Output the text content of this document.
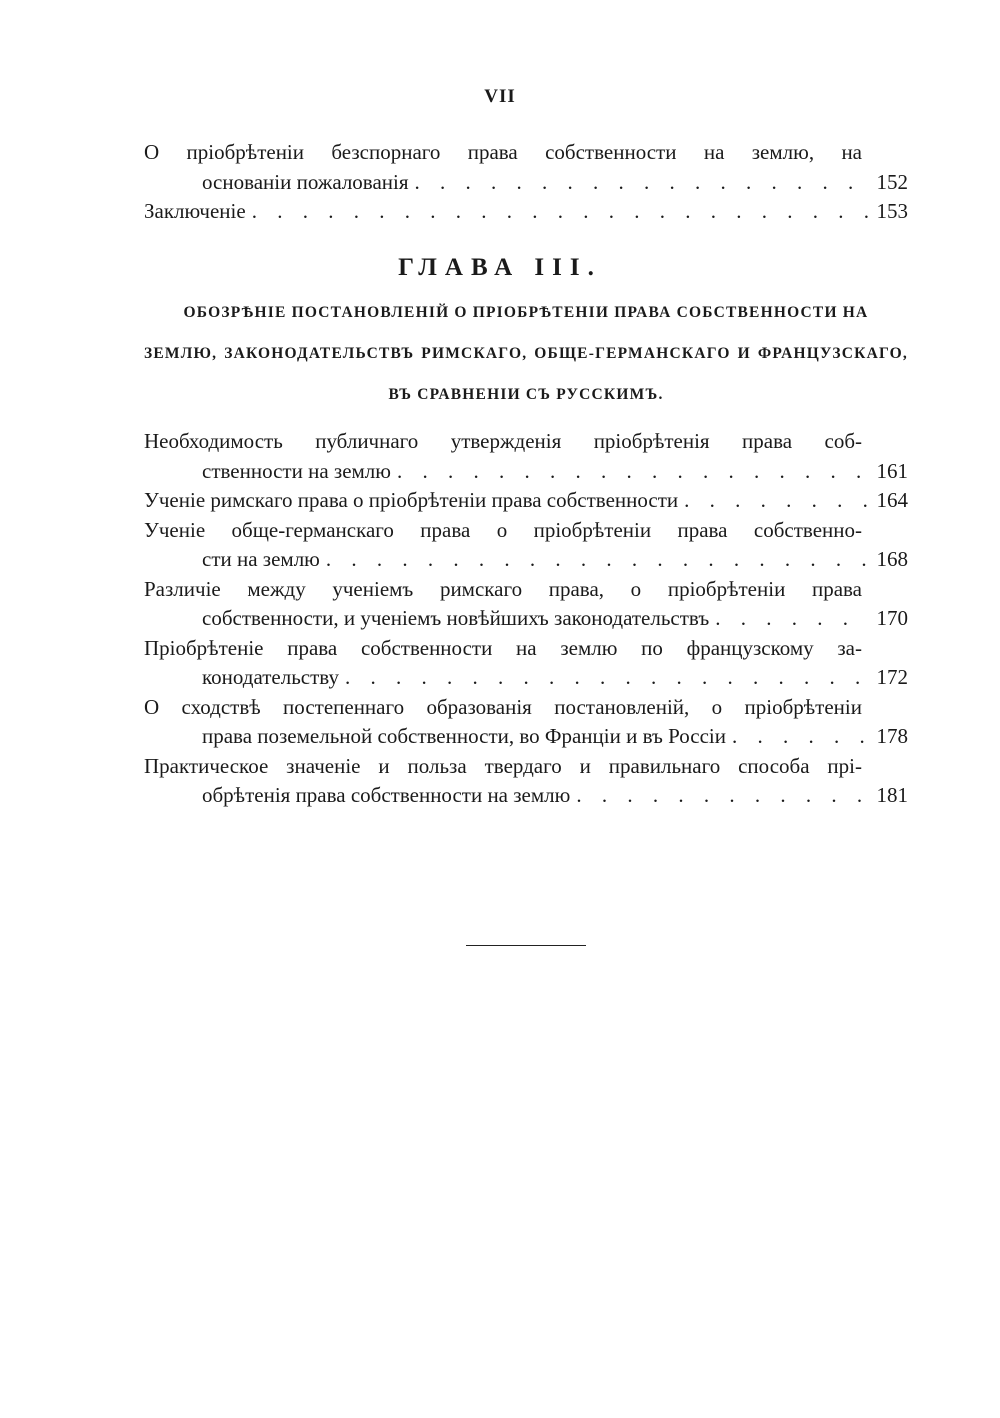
VII
О пріобрѣтеніи безспорнаго права собственности на землю, на
основаніи пожалованія . . .	152
Заключеніе . . .	153
ГЛАВА III.
ОБОЗРѢНІЕ ПОСТАНОВЛЕНІЙ О ПРІОБРѢТЕНІИ ПРАВА СОБСТВЕННОСТИ НА
ЗЕМЛЮ, ЗАКОНОДАТЕЛЬСТВЪ РИМСКАГО, ОБЩЕ-ГЕРМАНСКАГО И ФРАНЦУЗСКАГО,
ВЪ СРАВНЕНІИ СЪ РУССКИМЪ.
Необходимость публичнаго утвержденія пріобрѣтенія права соб-
ственности на землю . . .	161
Ученіе римскаго права о пріобрѣтеніи права собственности . . .	164
Ученіе обще-германскаго права о пріобрѣтеніи права собственно-
сти на землю . . .	168
Различіе между ученіемъ римскаго права, о пріобрѣтеніи права
собственности, и ученіемъ новѣйшихъ законодательствъ . . .	170
Пріобрѣтеніе права собственности на землю по французскому за-
конодательству . . .	172
О сходствѣ постепеннаго образованія постановленій, о пріобрѣтеніи
права поземельной собственности, во Франціи и въ Россіи . . .	178
Практическое значеніе и польза твердаго и правильнаго способа прі-
обрѣтенія права собственности на землю . . .	181
